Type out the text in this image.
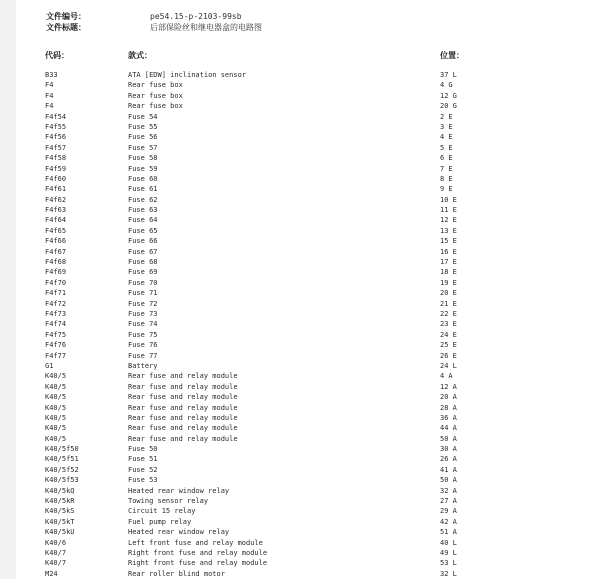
文件编号：	pe54.15-p-2103-99sb
文件标题：	后部保险丝和继电器盒的电路图
代码：	款式：	位置：
B33	ATA [EDW] inclination sensor	37 L
F4	Rear fuse box	4 G
F4	Rear fuse box	12 G
F4	Rear fuse box	20 G
F4f54	Fuse 54	2 E
F4f55	Fuse 55	3 E
F4f56	Fuse 56	4 E
F4f57	Fuse 57	5 E
F4f58	Fuse 58	6 E
F4f59	Fuse 59	7 E
F4f60	Fuse 60	8 E
F4f61	Fuse 61	9 E
F4f62	Fuse 62	10 E
F4f63	Fuse 63	11 E
F4f64	Fuse 64	12 E
F4f65	Fuse 65	13 E
F4f66	Fuse 66	15 E
F4f67	Fuse 67	16 E
F4f68	Fuse 68	17 E
F4f69	Fuse 69	18 E
F4f70	Fuse 70	19 E
F4f71	Fuse 71	20 E
F4f72	Fuse 72	21 E
F4f73	Fuse 73	22 E
F4f74	Fuse 74	23 E
F4f75	Fuse 75	24 E
F4f76	Fuse 76	25 E
F4f77	Fuse 77	26 E
G1	Battery	24 L
K40/5	Rear fuse and relay module	4 A
K40/5	Rear fuse and relay module	12 A
K40/5	Rear fuse and relay module	20 A
K40/5	Rear fuse and relay module	28 A
K40/5	Rear fuse and relay module	36 A
K40/5	Rear fuse and relay module	44 A
K40/5	Rear fuse and relay module	50 A
K40/5f50	Fuse 50	30 A
K40/5f51	Fuse 51	26 A
K40/5f52	Fuse 52	41 A
K40/5f53	Fuse 53	50 A
K40/5kQ	Heated rear window relay	32 A
K40/5kR	Towing sensor relay	27 A
K40/5kS	Circuit 15 relay	29 A
K40/5kT	Fuel pump relay	42 A
K40/5kU	Heated rear window relay	51 A
K40/6	Left front fuse and relay module	40 L
K40/7	Right front fuse and relay module	49 L
K40/7	Right front fuse and relay module	53 L
M24	Rear roller blind motor	32 L
